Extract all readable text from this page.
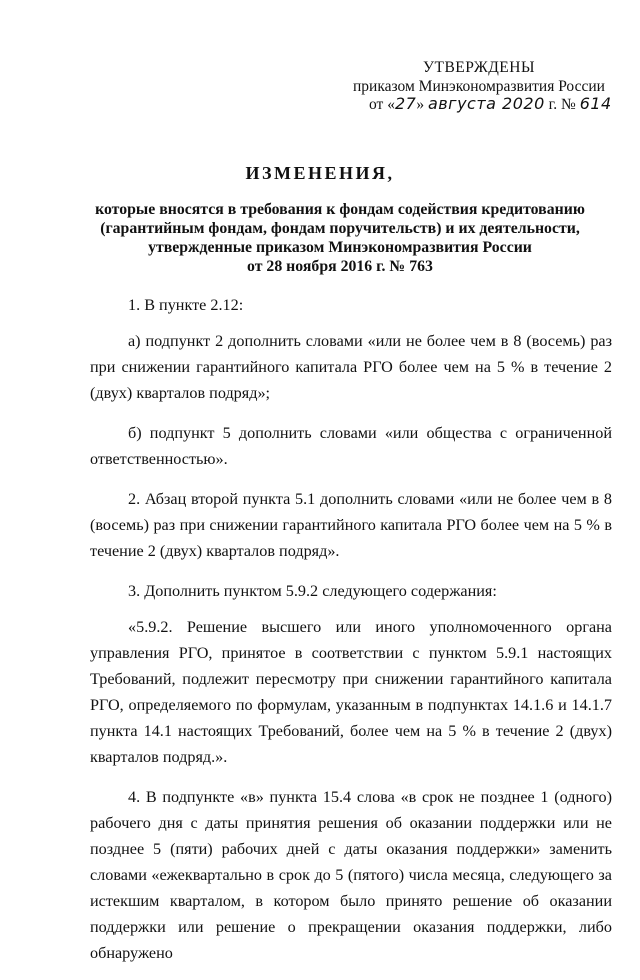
УТВЕРЖДЕНЫ
приказом Минэкономразвития России
от «27» августа 2020 г. № 614
ИЗМЕНЕНИЯ,
которые вносятся в требования к фондам содействия кредитованию
(гарантийным фондам, фондам поручительств) и их деятельности,
утвержденные приказом Минэкономразвития России
от 28 ноября 2016 г. № 763

1. В пункте 2.12:

а) подпункт 2 дополнить словами «или не более чем в 8 (восемь) раз при снижении гарантийного капитала РГО более чем на 5 % в течение 2 (двух) кварталов подряд»;

б) подпункт 5 дополнить словами «или общества с ограниченной ответственностью».

2. Абзац второй пункта 5.1 дополнить словами «или не более чем в 8 (восемь) раз при снижении гарантийного капитала РГО более чем на 5 % в течение 2 (двух) кварталов подряд».

3. Дополнить пунктом 5.9.2 следующего содержания:

«5.9.2. Решение высшего или иного уполномоченного органа управления РГО, принятое в соответствии с пунктом 5.9.1 настоящих Требований, подлежит пересмотру при снижении гарантийного капитала РГО, определяемого по формулам, указанным в подпунктах 14.1.6 и 14.1.7 пункта 14.1 настоящих Требований, более чем на 5 % в течение 2 (двух) кварталов подряд.».

4. В подпункте «в» пункта 15.4 слова «в срок не позднее 1 (одного) рабочего дня с даты принятия решения об оказании поддержки или не позднее 5 (пяти) рабочих дней с даты оказания поддержки» заменить словами «ежеквартально в срок до 5 (пятого) числа месяца, следующего за истекшим кварталом, в котором было принято решение об оказании поддержки или решение о прекращении оказания поддержки, либо обнаружено
